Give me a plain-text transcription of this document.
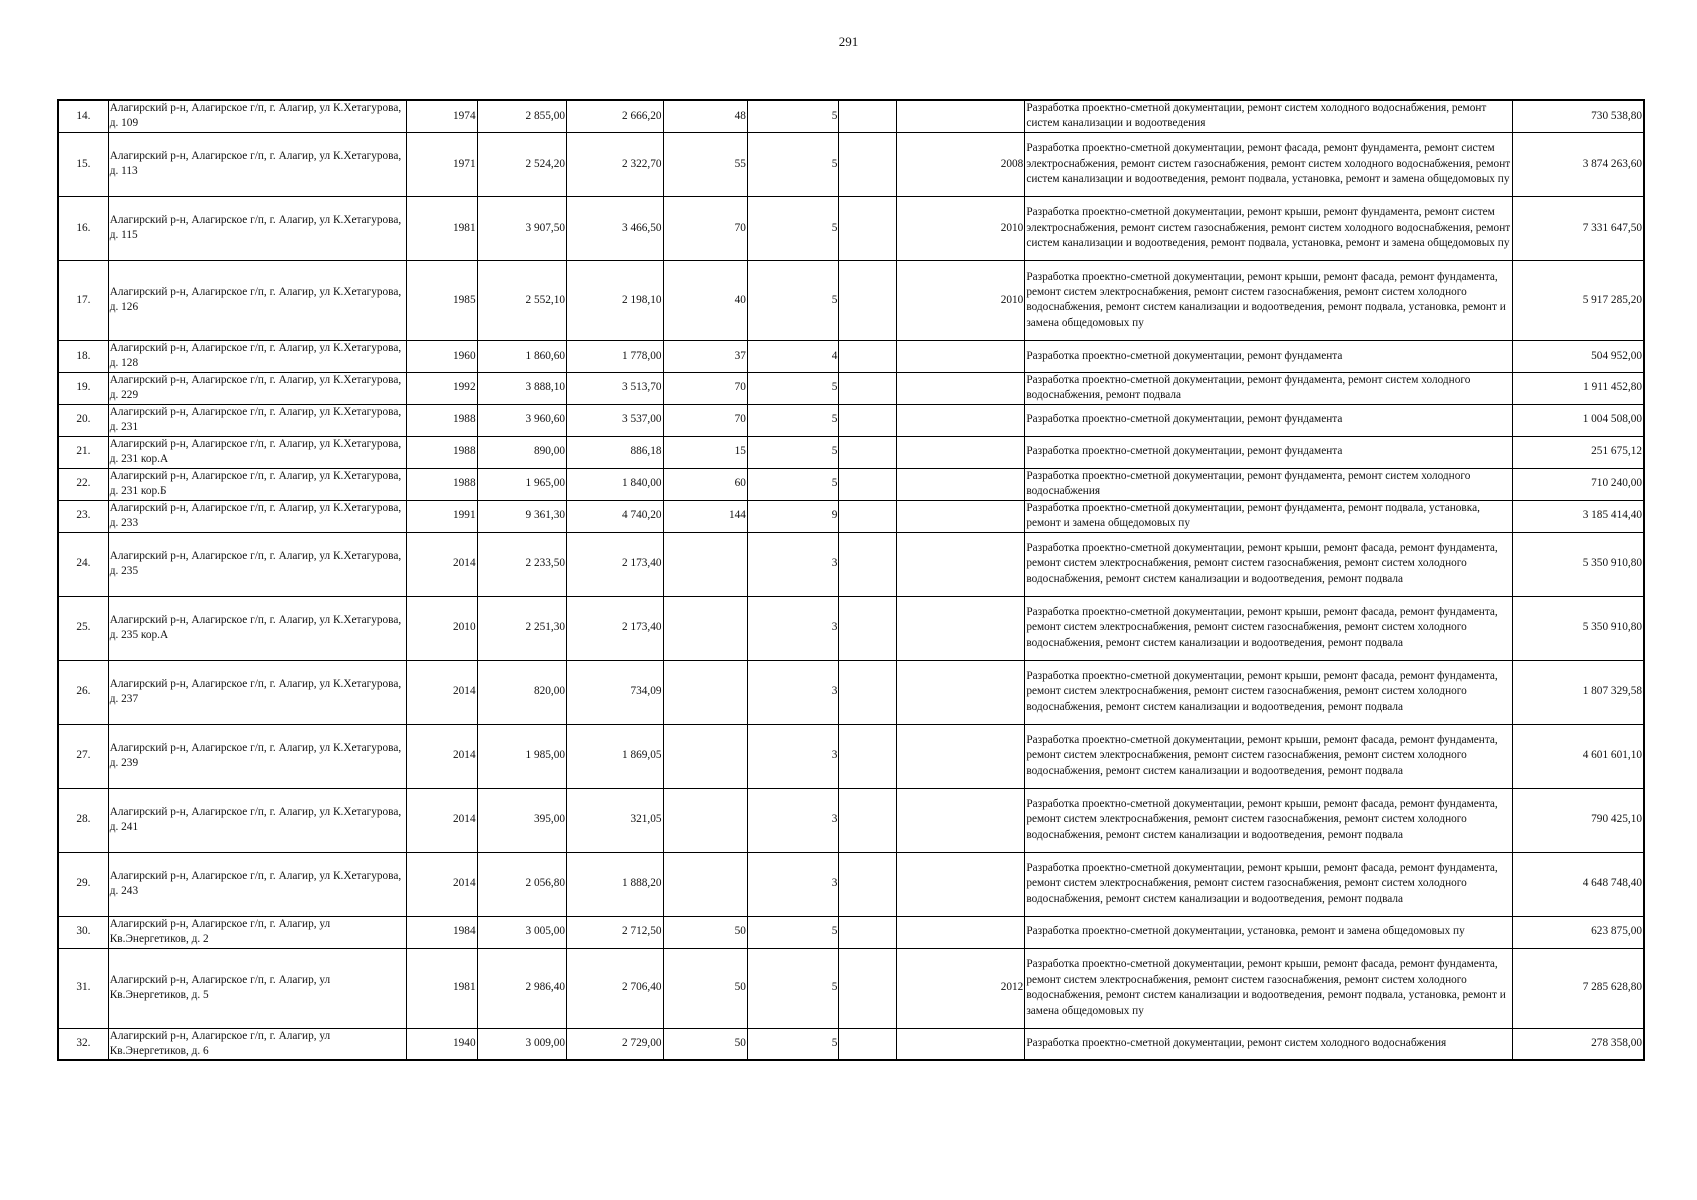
291
14.	Алагирский р-н, Алагирское г/п, г. Алагир, ул К.Хетагурова, д. 109	1974	2 855,00	2 666,20	48	5			Разработка проектно-сметной документации, ремонт систем холодного водоснабжения, ремонт систем канализации и водоотведения	730 538,80
15.	Алагирский р-н, Алагирское г/п, г. Алагир, ул К.Хетагурова, д. 113	1971	2 524,20	2 322,70	55	5		2008	Разработка проектно-сметной документации, ремонт фасада, ремонт фундамента, ремонт систем электроснабжения, ремонт систем газоснабжения, ремонт систем холодного водоснабжения, ремонт систем канализации и водоотведения, ремонт подвала, установка, ремонт и замена общедомовых пу	3 874 263,60
16.	Алагирский р-н, Алагирское г/п, г. Алагир, ул К.Хетагурова, д. 115	1981	3 907,50	3 466,50	70	5		2010	Разработка проектно-сметной документации, ремонт крыши, ремонт фундамента, ремонт систем электроснабжения, ремонт систем газоснабжения, ремонт систем холодного водоснабжения, ремонт систем канализации и водоотведения, ремонт подвала, установка, ремонт и замена общедомовых пу	7 331 647,50
17.	Алагирский р-н, Алагирское г/п, г. Алагир, ул К.Хетагурова, д. 126	1985	2 552,10	2 198,10	40	5		2010	Разработка проектно-сметной документации, ремонт крыши, ремонт фасада, ремонт фундамента, ремонт систем электроснабжения, ремонт систем газоснабжения, ремонт систем холодного водоснабжения, ремонт систем канализации и водоотведения, ремонт подвала, установка, ремонт и замена общедомовых пу	5 917 285,20
18.	Алагирский р-н, Алагирское г/п, г. Алагир, ул К.Хетагурова, д. 128	1960	1 860,60	1 778,00	37	4			Разработка проектно-сметной документации, ремонт фундамента	504 952,00
19.	Алагирский р-н, Алагирское г/п, г. Алагир, ул К.Хетагурова, д. 229	1992	3 888,10	3 513,70	70	5			Разработка проектно-сметной документации, ремонт фундамента, ремонт систем холодного водоснабжения, ремонт подвала	1 911 452,80
20.	Алагирский р-н, Алагирское г/п, г. Алагир, ул К.Хетагурова, д. 231	1988	3 960,60	3 537,00	70	5			Разработка проектно-сметной документации, ремонт фундамента	1 004 508,00
21.	Алагирский р-н, Алагирское г/п, г. Алагир, ул К.Хетагурова, д. 231 кор.А	1988	890,00	886,18	15	5			Разработка проектно-сметной документации, ремонт фундамента	251 675,12
22.	Алагирский р-н, Алагирское г/п, г. Алагир, ул К.Хетагурова, д. 231 кор.Б	1988	1 965,00	1 840,00	60	5			Разработка проектно-сметной документации, ремонт фундамента, ремонт систем холодного водоснабжения	710 240,00
23.	Алагирский р-н, Алагирское г/п, г. Алагир, ул К.Хетагурова, д. 233	1991	9 361,30	4 740,20	144	9			Разработка проектно-сметной документации, ремонт фундамента, ремонт подвала, установка, ремонт и замена общедомовых пу	3 185 414,40
24.	Алагирский р-н, Алагирское г/п, г. Алагир, ул К.Хетагурова, д. 235	2014	2 233,50	2 173,40		3			Разработка проектно-сметной документации, ремонт крыши, ремонт фасада, ремонт фундамента, ремонт систем электроснабжения, ремонт систем газоснабжения, ремонт систем холодного водоснабжения, ремонт систем канализации и водоотведения, ремонт подвала	5 350 910,80
25.	Алагирский р-н, Алагирское г/п, г. Алагир, ул К.Хетагурова, д. 235 кор.А	2010	2 251,30	2 173,40		3			Разработка проектно-сметной документации, ремонт крыши, ремонт фасада, ремонт фундамента, ремонт систем электроснабжения, ремонт систем газоснабжения, ремонт систем холодного водоснабжения, ремонт систем канализации и водоотведения, ремонт подвала	5 350 910,80
26.	Алагирский р-н, Алагирское г/п, г. Алагир, ул К.Хетагурова, д. 237	2014	820,00	734,09		3			Разработка проектно-сметной документации, ремонт крыши, ремонт фасада, ремонт фундамента, ремонт систем электроснабжения, ремонт систем газоснабжения, ремонт систем холодного водоснабжения, ремонт систем канализации и водоотведения, ремонт подвала	1 807 329,58
27.	Алагирский р-н, Алагирское г/п, г. Алагир, ул К.Хетагурова, д. 239	2014	1 985,00	1 869,05		3			Разработка проектно-сметной документации, ремонт крыши, ремонт фасада, ремонт фундамента, ремонт систем электроснабжения, ремонт систем газоснабжения, ремонт систем холодного водоснабжения, ремонт систем канализации и водоотведения, ремонт подвала	4 601 601,10
28.	Алагирский р-н, Алагирское г/п, г. Алагир, ул К.Хетагурова, д. 241	2014	395,00	321,05		3			Разработка проектно-сметной документации, ремонт крыши, ремонт фасада, ремонт фундамента, ремонт систем электроснабжения, ремонт систем газоснабжения, ремонт систем холодного водоснабжения, ремонт систем канализации и водоотведения, ремонт подвала	790 425,10
29.	Алагирский р-н, Алагирское г/п, г. Алагир, ул К.Хетагурова, д. 243	2014	2 056,80	1 888,20		3			Разработка проектно-сметной документации, ремонт крыши, ремонт фасада, ремонт фундамента, ремонт систем электроснабжения, ремонт систем газоснабжения, ремонт систем холодного водоснабжения, ремонт систем канализации и водоотведения, ремонт подвала	4 648 748,40
30.	Алагирский р-н, Алагирское г/п, г. Алагир, ул Кв.Энергетиков, д. 2	1984	3 005,00	2 712,50	50	5			Разработка проектно-сметной документации, установка, ремонт и замена общедомовых пу	623 875,00
31.	Алагирский р-н, Алагирское г/п, г. Алагир, ул Кв.Энергетиков, д. 5	1981	2 986,40	2 706,40	50	5		2012	Разработка проектно-сметной документации, ремонт крыши, ремонт фасада, ремонт фундамента, ремонт систем электроснабжения, ремонт систем газоснабжения, ремонт систем холодного водоснабжения, ремонт систем канализации и водоотведения, ремонт подвала, установка, ремонт и замена общедомовых пу	7 285 628,80
32.	Алагирский р-н, Алагирское г/п, г. Алагир, ул Кв.Энергетиков, д. 6	1940	3 009,00	2 729,00	50	5			Разработка проектно-сметной документации, ремонт систем холодного водоснабжения	278 358,00
